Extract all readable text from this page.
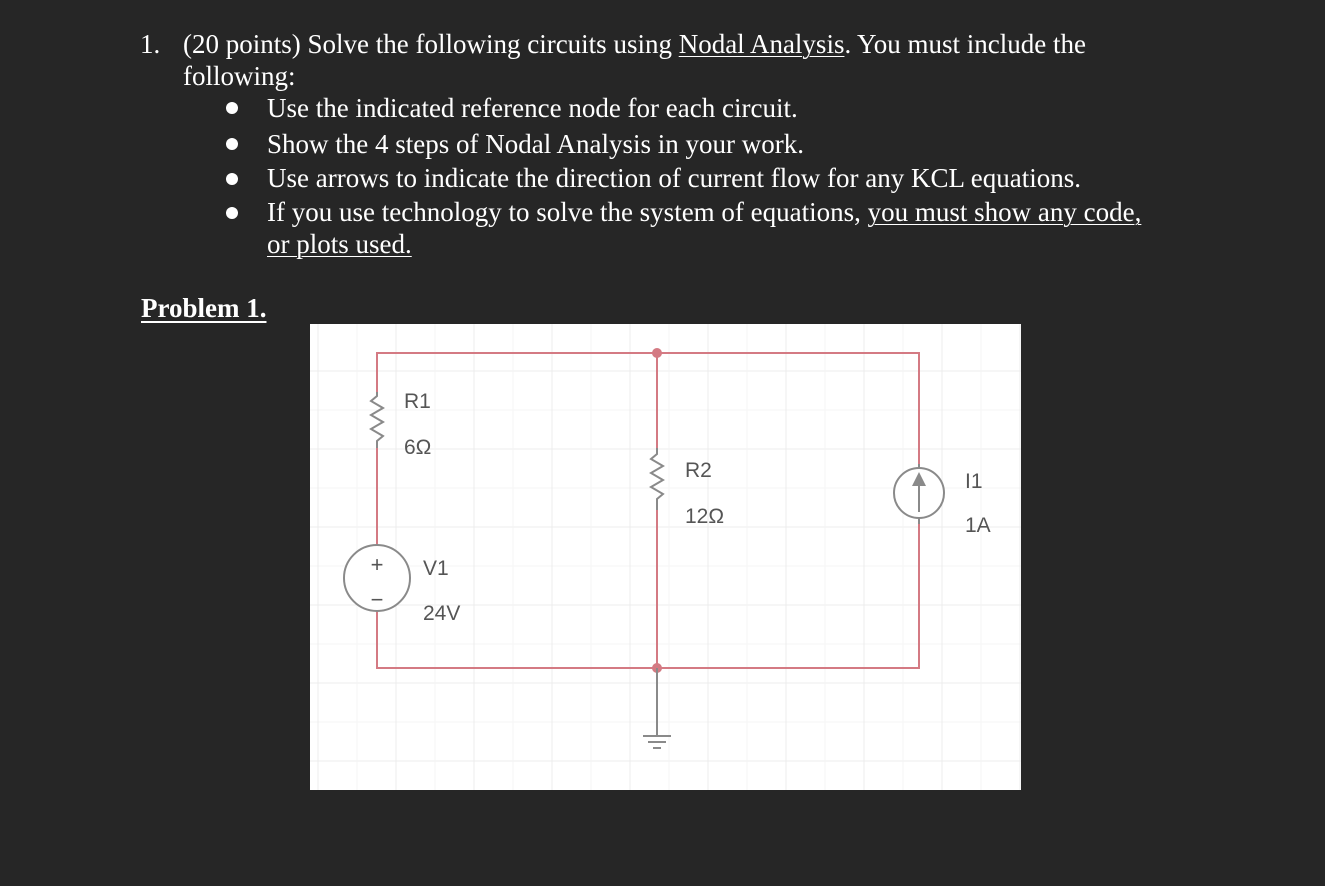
1. (20 points) Solve the following circuits using Nodal Analysis. You must include the
following:
Use the indicated reference node for each circuit.
Show the 4 steps of Nodal Analysis in your work.
Use arrows to indicate the direction of current flow for any KCL equations.
If you use technology to solve the system of equations, you must show any code,
or plots used.
Problem 1.
R1
6Ω
R2
12Ω
+
−
V1
24V
I1
1A
